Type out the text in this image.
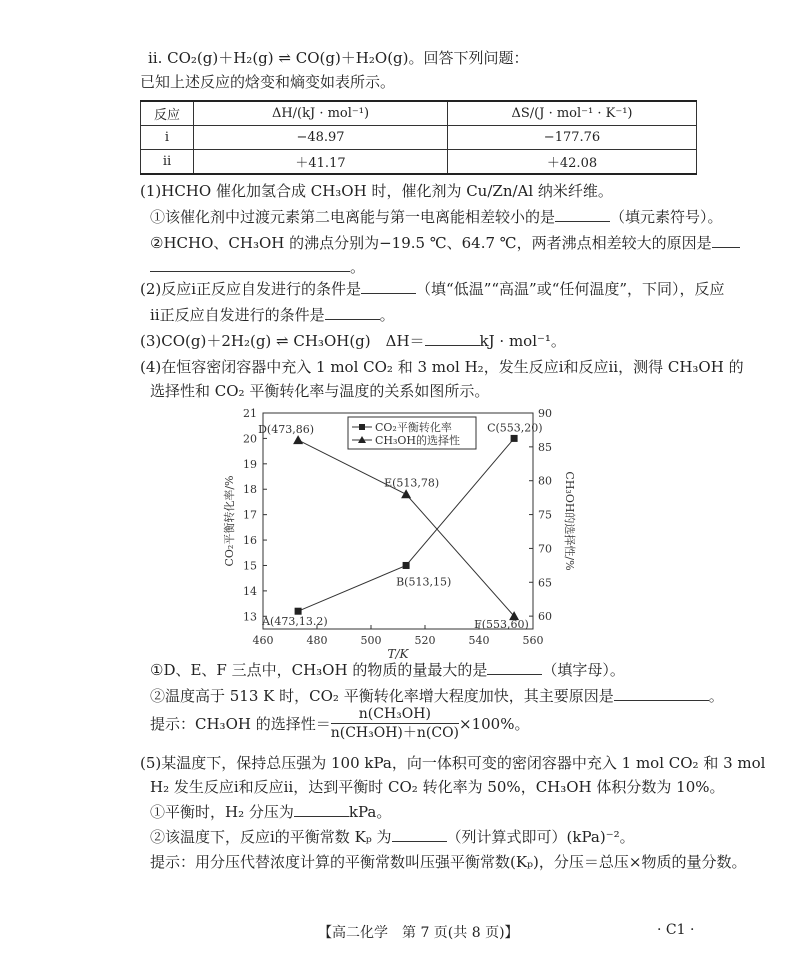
ⅱ. CO₂(g)＋H₂(g) ⇌ CO(g)＋H₂O(g)。回答下列问题：
已知上述反应的焓变和熵变如表所示。
反应	ΔH/(kJ · mol⁻¹)	ΔS/(J · mol⁻¹ · K⁻¹)
ⅰ	−48.97	−177.76
ⅱ	＋41.17	＋42.08
(1)HCHO 催化加氢合成 CH₃OH 时，催化剂为 Cu/Zn/Al 纳米纤维。
①该催化剂中过渡元素第二电离能与第一电离能相差较小的是	（填元素符号）。
②HCHO、CH₃OH 的沸点分别为−19.5 ℃、64.7 ℃，两者沸点相差较大的原因是
。
(2)反应ⅰ正反应自发进行的条件是	（填“低温”“高温”或“任何温度”，下同），反应
ⅱ正反应自发进行的条件是	。
(3)CO(g)＋2H₂(g) ⇌ CH₃OH(g)　ΔH＝	kJ · mol⁻¹。
(4)在恒容密闭容器中充入 1 mol CO₂ 和 3 mol H₂，发生反应ⅰ和反应ⅱ，测得 CH₃OH 的
选择性和 CO₂ 平衡转化率与温度的关系如图所示。
460	480	500	520	540	560
13
14
15
16
17
18
19
20
21
60
65
70
75
80
85
90
T/K
CO₂平衡转化率/%	CH₃OH的选择性/%
A(473,13.2)
B(513,15)
C(553,20)
D(473,86)
E(513,78)
F(553,60)
CO₂平衡转化率
CH₃OH的选择性
①D、E、F 三点中，CH₃OH 的物质的量最大的是	（填字母）。
②温度高于 513 K 时，CO₂ 平衡转化率增大程度加快，其主要原因是	。
提示：CH₃OH 的选择性＝ $\frac{\text{n(CH₃OH)}}{\text{n(CH₃OH)＋n(CO)}} \times 100\%$。
(5)某温度下，保持总压强为 100 kPa，向一体积可变的密闭容器中充入 1 mol CO₂ 和 3 mol
H₂ 发生反应ⅰ和反应ⅱ，达到平衡时 CO₂ 转化率为 50%，CH₃OH 体积分数为 10%。
①平衡时，H₂ 分压为	kPa。
②该温度下，反应ⅰ的平衡常数 Kₚ 为	（列计算式即可）(kPa)⁻²。
提示：用分压代替浓度计算的平衡常数叫压强平衡常数(Kₚ)，分压＝总压×物质的量分数。
【高二化学　第 7 页(共 8 页)】	· C1 ·
